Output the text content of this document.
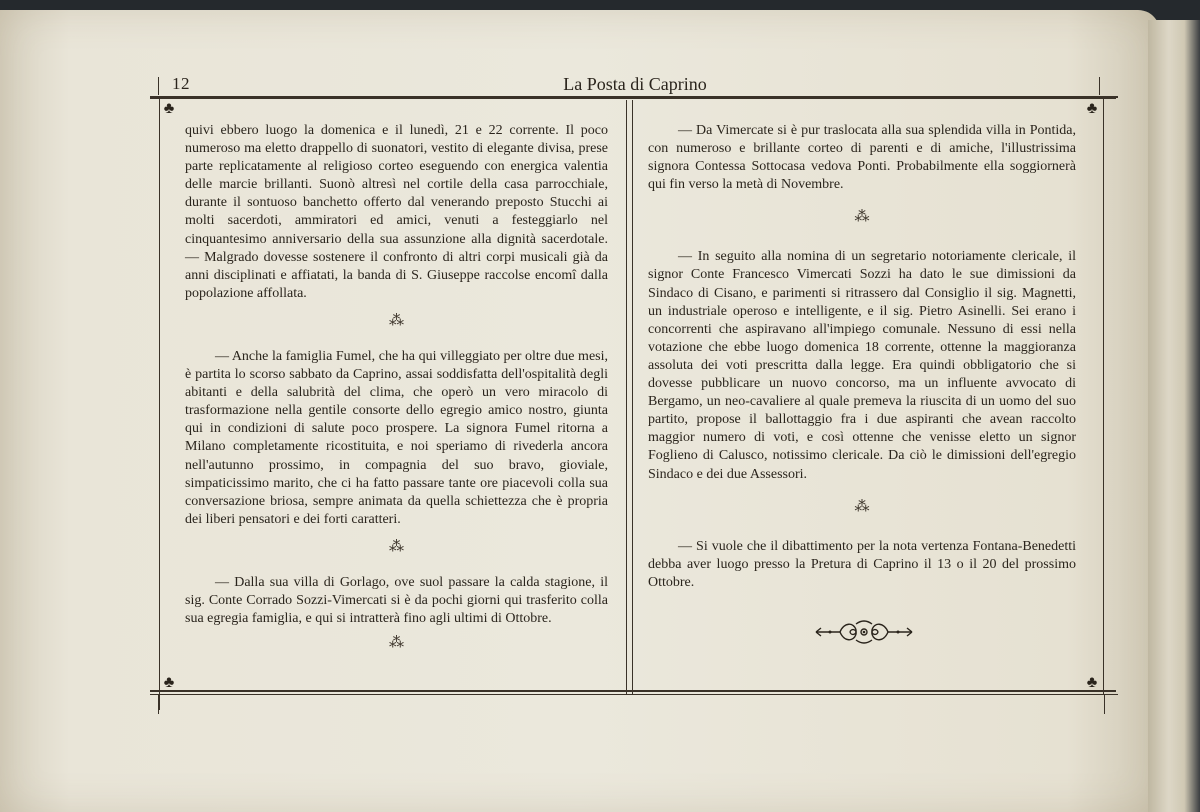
12	La Posta di Caprino
♣	♣
♣	♣

quivi ebbero luogo la domenica e il lunedì, 21 e 22 corrente. Il poco numeroso ma eletto drappello di suonatori, vestito di elegante divisa, prese parte replicatamente al religioso corteo eseguendo con energica valentia delle marcie brillanti. Suonò altresì nel cortile della casa parrocchiale, durante il sontuoso banchetto offerto dal venerando preposto Stucchi ai molti sacerdoti, ammiratori ed amici, venuti a festeggiarlo nel cinquantesimo anniversario della sua assunzione alla dignità sacerdotale. — Malgrado dovesse sostenere il confronto di altri corpi musicali già da anni disciplinati e affiatati, la banda di S. Giuseppe raccolse encomî dalla popolazione affollata.

⁂

— Anche la famiglia Fumel, che ha qui villeggiato per oltre due mesi, è partita lo scorso sabbato da Caprino, assai soddisfatta dell'ospitalità degli abitanti e della salubrità del clima, che operò un vero miracolo di trasformazione nella gentile consorte dello egregio amico nostro, giunta qui in condizioni di salute poco prospere. La signora Fumel ritorna a Milano completamente ricostituita, e noi speriamo di rivederla ancora nell'autunno prossimo, in compagnia del suo bravo, gioviale, simpaticissimo marito, che ci ha fatto passare tante ore piacevoli colla sua conversazione briosa, sempre animata da quella schiettezza che è propria dei liberi pensatori e dei forti caratteri.

⁂

— Dalla sua villa di Gorlago, ove suol passare la calda stagione, il sig. Conte Corrado Sozzi-Vimercati si è da pochi giorni qui trasferito colla sua egregia famiglia, e qui si intratterà fino agli ultimi di Ottobre.

⁂

— Da Vimercate si è pur traslocata alla sua splendida villa in Pontida, con numeroso e brillante corteo di parenti e di amiche, l'illustrissima signora Contessa Sottocasa vedova Ponti. Probabilmente ella soggiornerà qui fin verso la metà di Novembre.

⁂

— In seguito alla nomina di un segretario notoriamente clericale, il signor Conte Francesco Vimercati Sozzi ha dato le sue dimissioni da Sindaco di Cisano, e parimenti si ritrassero dal Consiglio il sig. Magnetti, un industriale operoso e intelligente, e il sig. Pietro Asinelli. Sei erano i concorrenti che aspiravano all'impiego comunale. Nessuno di essi nella votazione che ebbe luogo domenica 18 corrente, ottenne la maggioranza assoluta dei voti prescritta dalla legge. Era quindi obbligatorio che si dovesse pubblicare un nuovo concorso, ma un influente avvocato di Bergamo, un neo-cavaliere al quale premeva la riuscita di un uomo del suo partito, propose il ballottaggio fra i due aspiranti che avean raccolto maggior numero di voti, e così ottenne che venisse eletto un signor Foglieno di Calusco, notissimo clericale. Da ciò le dimissioni dell'egregio Sindaco e dei due Assessori.

⁂

— Si vuole che il dibattimento per la nota vertenza Fontana-Benedetti debba aver luogo presso la Pretura di Caprino il 13 o il 20 del prossimo Ottobre.
